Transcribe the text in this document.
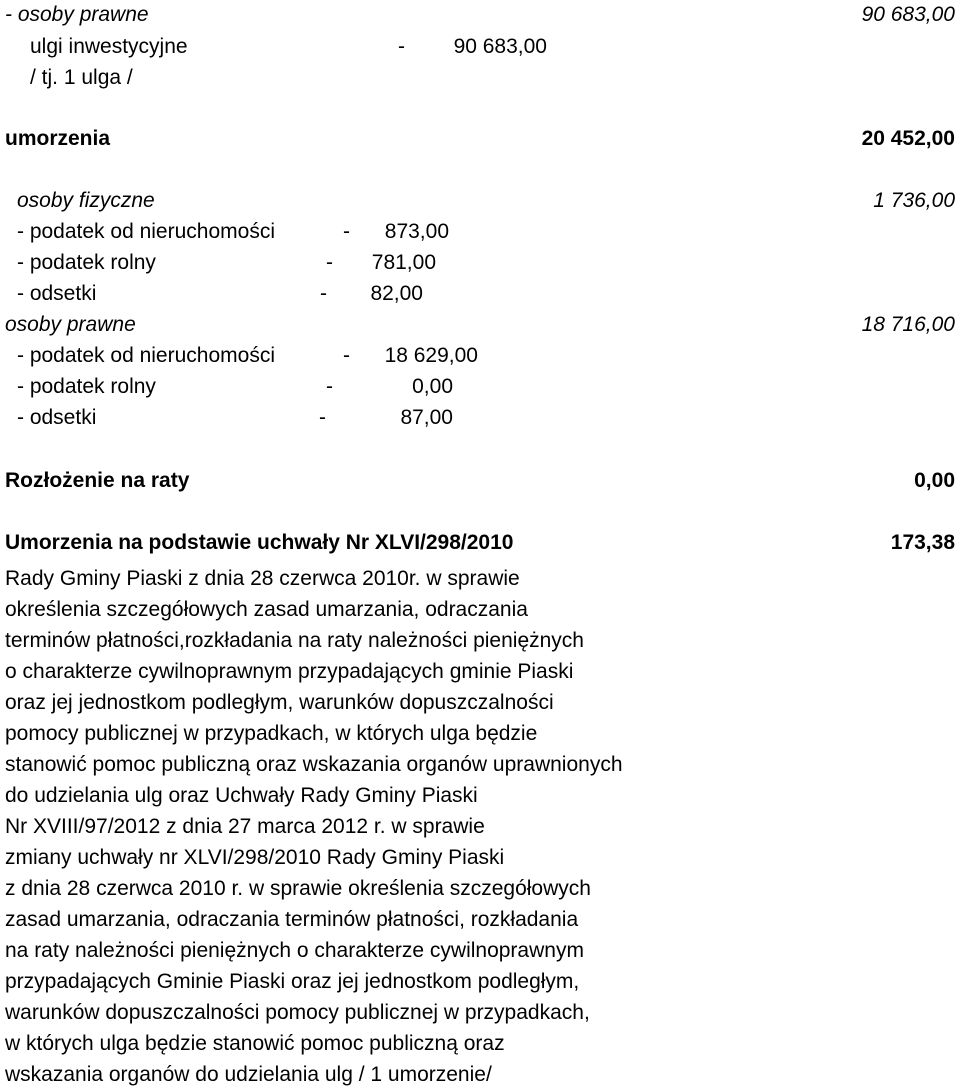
- osoby prawne	90 683,00
ulgi inwestycyjne	- 90 683,00
/ tj. 1 ulga /
umorzenia	20 452,00
osoby fizyczne	1 736,00
- podatek od nieruchomości	- 873,00
- podatek rolny	- 781,00
- odsetki	- 82,00
osoby prawne	18 716,00
- podatek od nieruchomości	- 18 629,00
- podatek rolny	-	0,00
- odsetki	-	87,00
Rozłożenie na raty	0,00
Umorzenia na podstawie uchwały Nr XLVI/298/2010	173,38
Rady Gminy Piaski z dnia 28 czerwca 2010r. w sprawie
określenia szczegółowych zasad umarzania, odraczania
terminów płatności,rozkładania na raty należności pieniężnych
o charakterze cywilnoprawnym przypadających gminie Piaski
oraz jej jednostkom podległym, warunków dopuszczalności
pomocy publicznej w przypadkach, w których ulga będzie
stanowić pomoc publiczną oraz wskazania organów uprawnionych
do udzielania ulg oraz Uchwały Rady Gminy Piaski
Nr XVIII/97/2012 z dnia 27 marca 2012 r. w sprawie
zmiany uchwały nr XLVI/298/2010 Rady Gminy Piaski
z dnia 28 czerwca 2010 r. w sprawie określenia szczegółowych
zasad umarzania, odraczania terminów płatności, rozkładania
na raty należności pieniężnych o charakterze cywilnoprawnym
przypadających Gminie Piaski oraz jej jednostkom podległym,
warunków dopuszczalności pomocy publicznej w przypadkach,
w których ulga będzie stanowić pomoc publiczną oraz
wskazania organów do udzielania ulg / 1 umorzenie/
